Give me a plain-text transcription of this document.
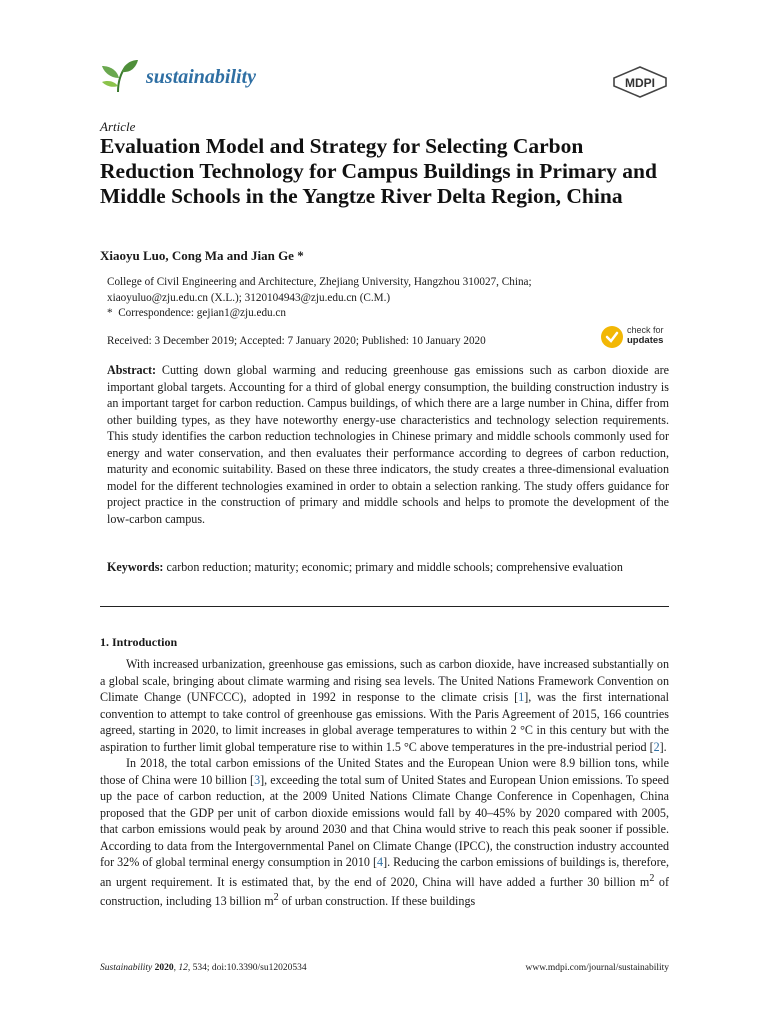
sustainability	MDPI
Article
Evaluation Model and Strategy for Selecting Carbon Reduction Technology for Campus Buildings in Primary and Middle Schools in the Yangtze River Delta Region, China
Xiaoyu Luo, Cong Ma and Jian Ge *
College of Civil Engineering and Architecture, Zhejiang University, Hangzhou 310027, China;
xiaoyuluo@zju.edu.cn (X.L.); 3120104943@zju.edu.cn (C.M.)
* Correspondence: gejian1@zju.edu.cn
Received: 3 December 2019; Accepted: 7 January 2020; Published: 10 January 2020
check for
updates
Abstract: Cutting down global warming and reducing greenhouse gas emissions such as carbon dioxide are important global targets. Accounting for a third of global energy consumption, the building construction industry is an important target for carbon reduction. Campus buildings, of which there are a large number in China, differ from other building types, as they have noteworthy energy-use characteristics and technology selection requirements. This study identifies the carbon reduction technologies in Chinese primary and middle schools commonly used for energy and water conservation, and then evaluates their performance according to degrees of carbon reduction, maturity and economic suitability. Based on these three indicators, the study creates a three-dimensional evaluation model for the different technologies examined in order to obtain a selection ranking. The study offers guidance for project practice in the construction of primary and middle schools and helps to promote the development of the low-carbon campus.
Keywords: carbon reduction; maturity; economic; primary and middle schools; comprehensive evaluation
1. Introduction

With increased urbanization, greenhouse gas emissions, such as carbon dioxide, have increased substantially on a global scale, bringing about climate warming and rising sea levels. The United Nations Framework Convention on Climate Change (UNFCCC), adopted in 1992 in response to the climate crisis [1], was the first international convention to attempt to take control of greenhouse gas emissions. With the Paris Agreement of 2015, 166 countries agreed, starting in 2020, to limit increases in global average temperatures to within 2 °C in this century but with the aspiration to further limit global temperature rise to within 1.5 °C above temperatures in the pre-industrial period [2].

In 2018, the total carbon emissions of the United States and the European Union were 8.9 billion tons, while those of China were 10 billion [3], exceeding the total sum of United States and European Union emissions. To speed up the pace of carbon reduction, at the 2009 United Nations Climate Change Conference in Copenhagen, China proposed that the GDP per unit of carbon dioxide emissions would fall by 40–45% by 2020 compared with 2005, that carbon emissions would peak by around 2030 and that China would strive to reach this peak sooner if possible. According to data from the Intergovernmental Panel on Climate Change (IPCC), the construction industry accounted for 32% of global terminal energy consumption in 2010 [4]. Reducing the carbon emissions of buildings is, therefore, an urgent requirement. It is estimated that, by the end of 2020, China will have added a further 30 billion $m^2$ of construction, including 13 billion $m^2$ of urban construction. If these buildings

Sustainability 2020, 12, 534; doi:10.3390/su12020534	www.mdpi.com/journal/sustainability
